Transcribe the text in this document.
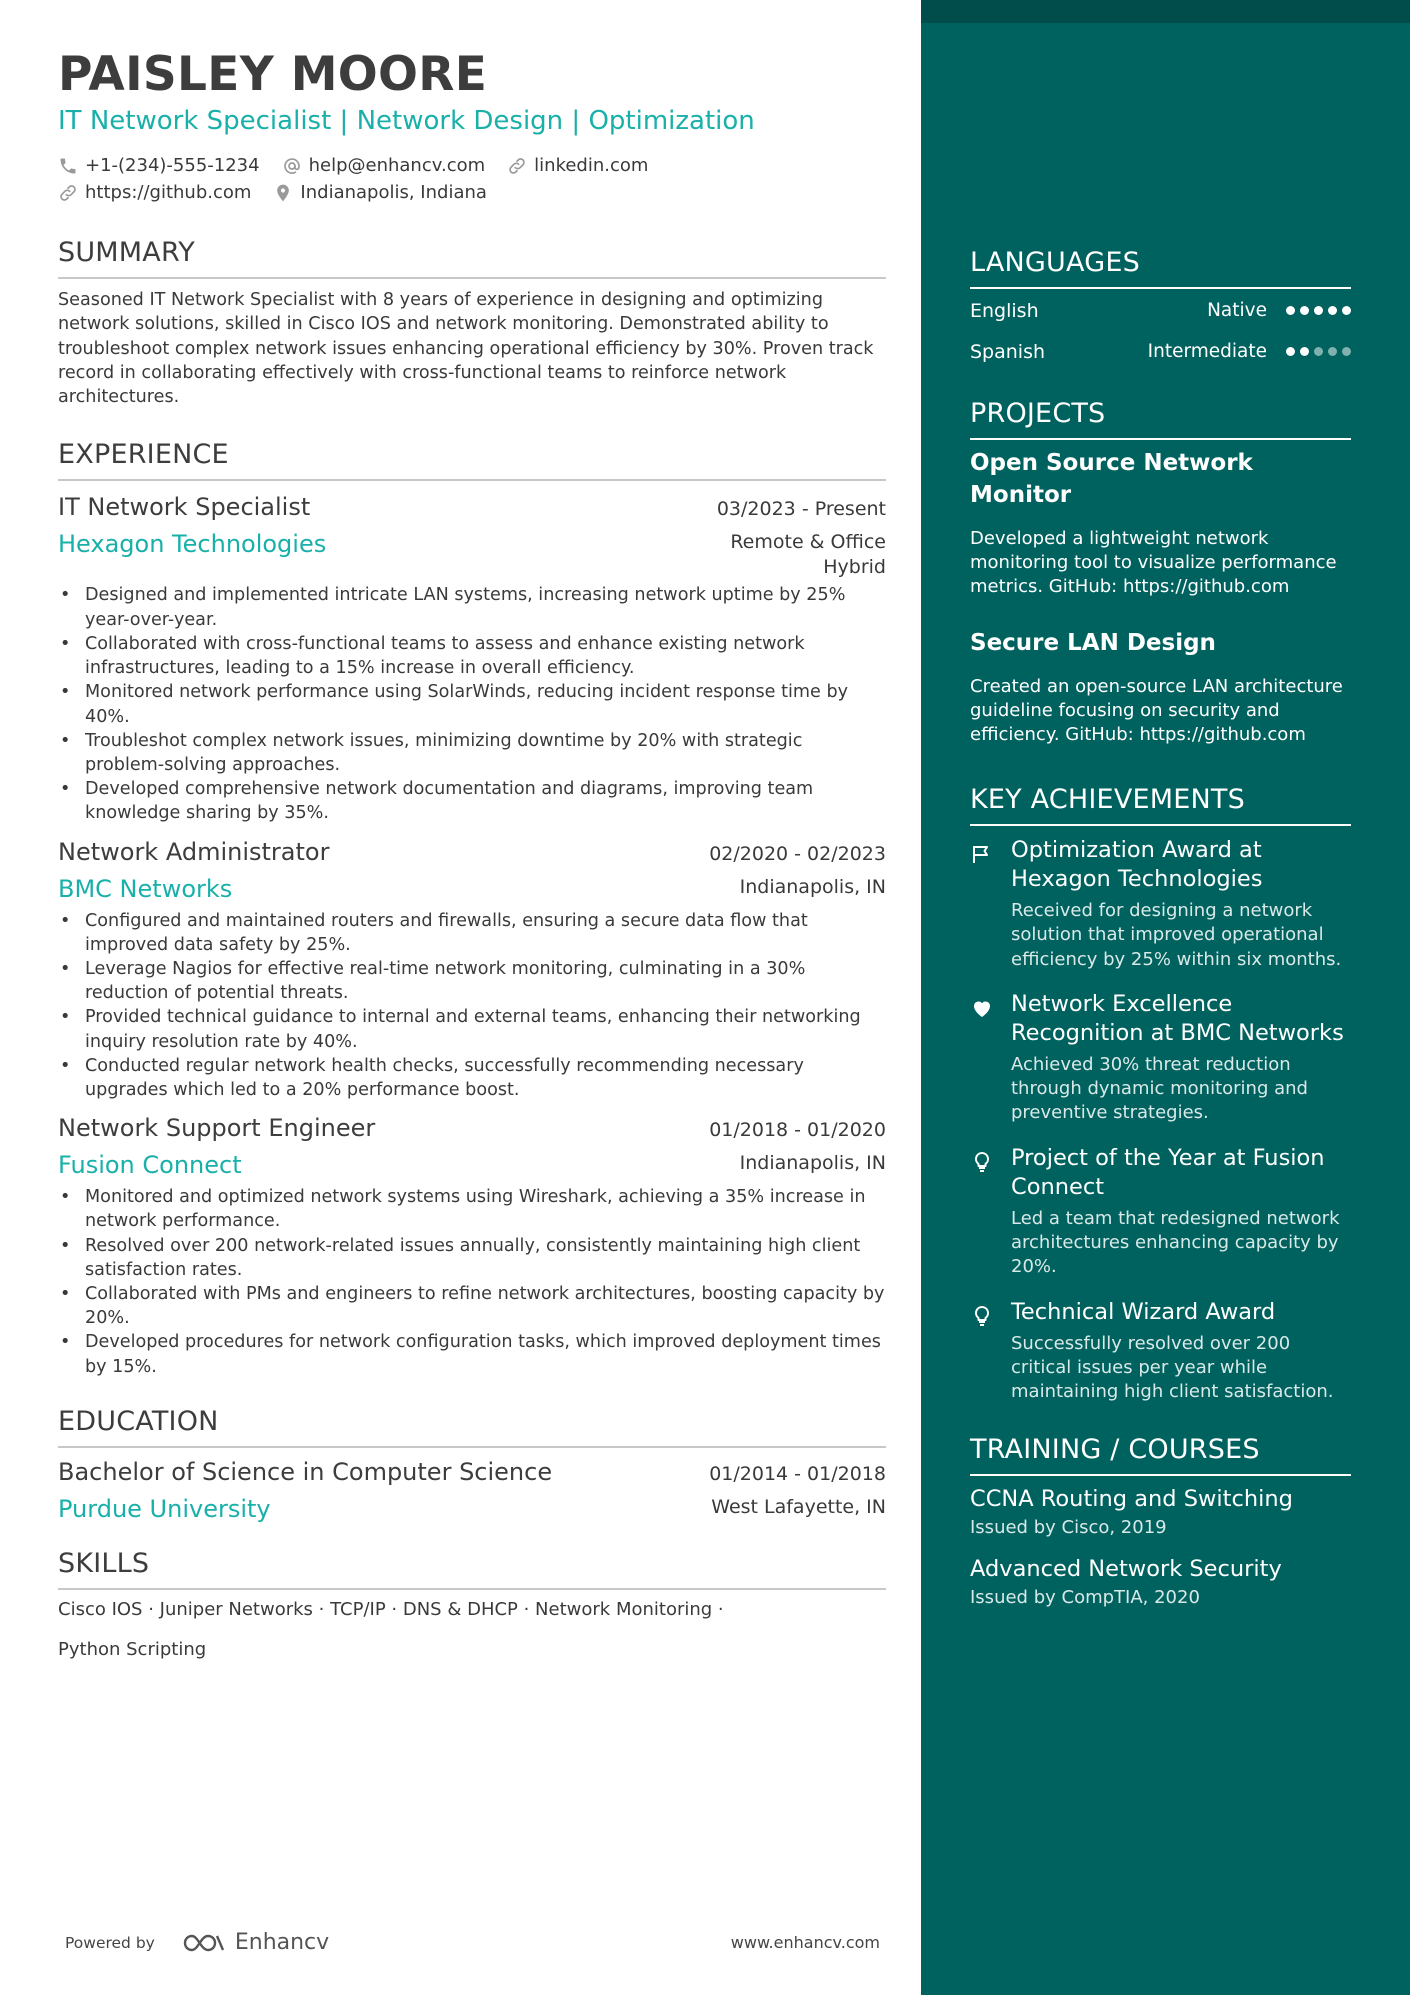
PAISLEY MOORE
IT Network Specialist | Network Design | Optimization
+1-(234)-555-1234	help@enhancv.com	linkedin.com
https://github.com	Indianapolis, Indiana
SUMMARY
Seasoned IT Network Specialist with 8 years of experience in designing and optimizing network solutions, skilled in Cisco IOS and network monitoring. Demonstrated ability to troubleshoot complex network issues enhancing operational efficiency by 30%. Proven track record in collaborating effectively with cross-functional teams to reinforce network architectures.
EXPERIENCE
IT Network Specialist	03/2023 - Present
Hexagon Technologies	Remote & Office Hybrid
• Designed and implemented intricate LAN systems, increasing network uptime by 25% year-over-year.
• Collaborated with cross-functional teams to assess and enhance existing network infrastructures, leading to a 15% increase in overall efficiency.
• Monitored network performance using SolarWinds, reducing incident response time by 40%.
• Troubleshot complex network issues, minimizing downtime by 20% with strategic problem-solving approaches.
• Developed comprehensive network documentation and diagrams, improving team knowledge sharing by 35%.
Network Administrator	02/2020 - 02/2023
BMC Networks	Indianapolis, IN
• Configured and maintained routers and firewalls, ensuring a secure data flow that improved data safety by 25%.
• Leverage Nagios for effective real-time network monitoring, culminating in a 30% reduction of potential threats.
• Provided technical guidance to internal and external teams, enhancing their networking inquiry resolution rate by 40%.
• Conducted regular network health checks, successfully recommending necessary upgrades which led to a 20% performance boost.
Network Support Engineer	01/2018 - 01/2020
Fusion Connect	Indianapolis, IN
• Monitored and optimized network systems using Wireshark, achieving a 35% increase in network performance.
• Resolved over 200 network-related issues annually, consistently maintaining high client satisfaction rates.
• Collaborated with PMs and engineers to refine network architectures, boosting capacity by 20%.
• Developed procedures for network configuration tasks, which improved deployment times by 15%.
EDUCATION
Bachelor of Science in Computer Science	01/2014 - 01/2018
Purdue University	West Lafayette, IN
SKILLS
Cisco IOS · Juniper Networks · TCP/IP · DNS & DHCP · Network Monitoring ·
Python Scripting
Powered by	Enhancv	www.enhancv.com
LANGUAGES
English	Native
Spanish	Intermediate
PROJECTS
Open Source Network Monitor
Developed a lightweight network monitoring tool to visualize performance metrics. GitHub: https://github.com
Secure LAN Design
Created an open-source LAN architecture guideline focusing on security and efficiency. GitHub: https://github.com
KEY ACHIEVEMENTS
Optimization Award at Hexagon Technologies
Received for designing a network solution that improved operational efficiency by 25% within six months.
Network Excellence Recognition at BMC Networks
Achieved 30% threat reduction through dynamic monitoring and preventive strategies.
Project of the Year at Fusion Connect
Led a team that redesigned network architectures enhancing capacity by 20%.
Technical Wizard Award
Successfully resolved over 200 critical issues per year while maintaining high client satisfaction.
TRAINING / COURSES
CCNA Routing and Switching
Issued by Cisco, 2019
Advanced Network Security
Issued by CompTIA, 2020
